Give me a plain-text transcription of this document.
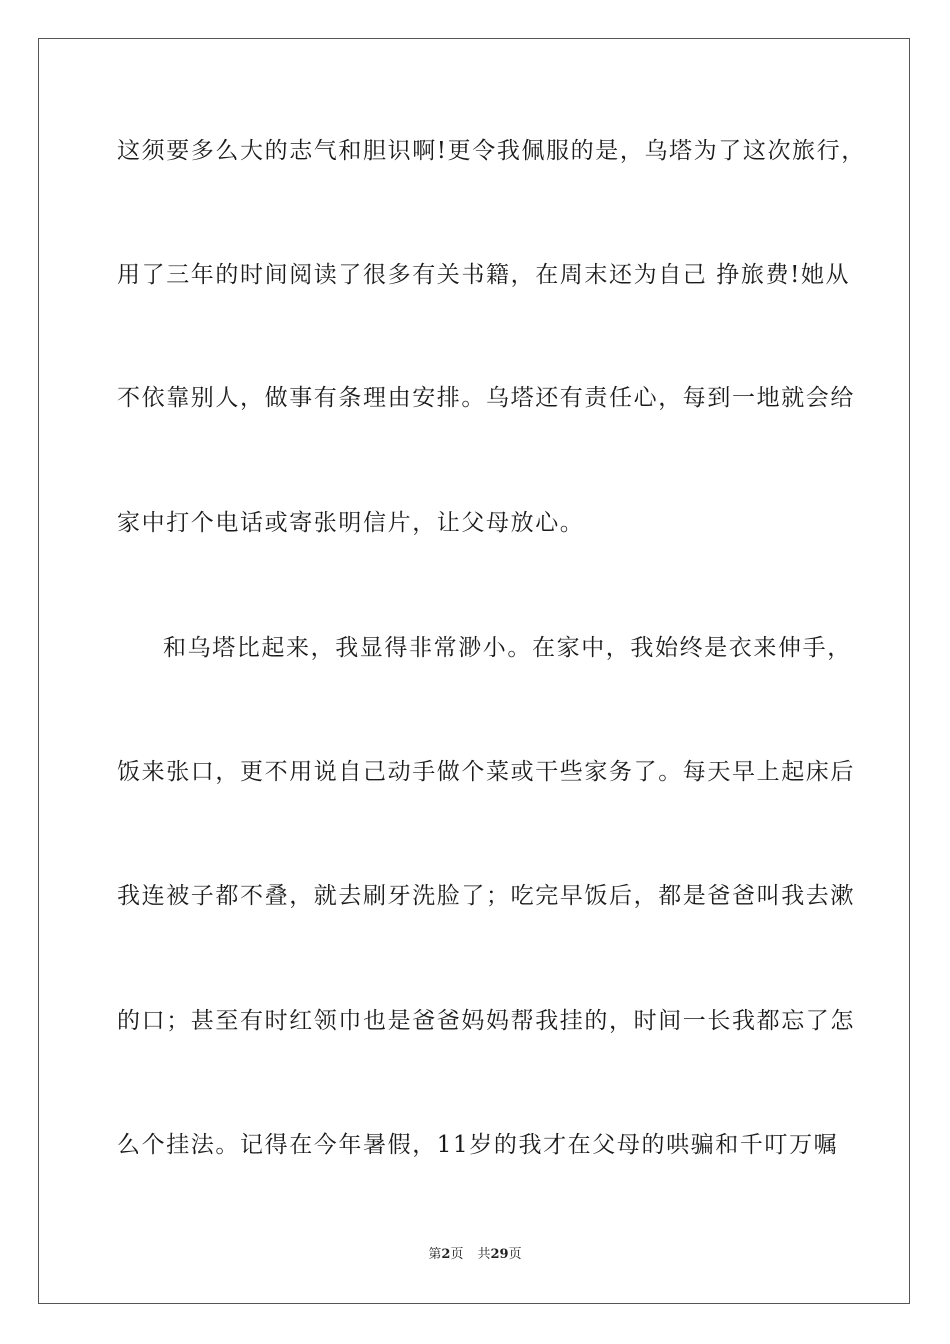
这须要多么大的志气和胆识啊!更令我佩服的是，乌塔为了这次旅行，
用了三年的时间阅读了很多有关书籍，在周末还为自己 挣旅费!她从
不依靠别人，做事有条理由安排。乌塔还有责任心，每到一地就会给
家中打个电话或寄张明信片，让父母放心。
和乌塔比起来，我显得非常渺小。在家中，我始终是衣来伸手，
饭来张口，更不用说自己动手做个菜或干些家务了。每天早上起床后
我连被子都不叠，就去刷牙洗脸了；吃完早饭后，都是爸爸叫我去漱
的口；甚至有时红领巾也是爸爸妈妈帮我挂的，时间一长我都忘了怎
么个挂法。记得在今年暑假，11岁的我才在父母的哄骗和千叮万嘱
第2页 共29页
